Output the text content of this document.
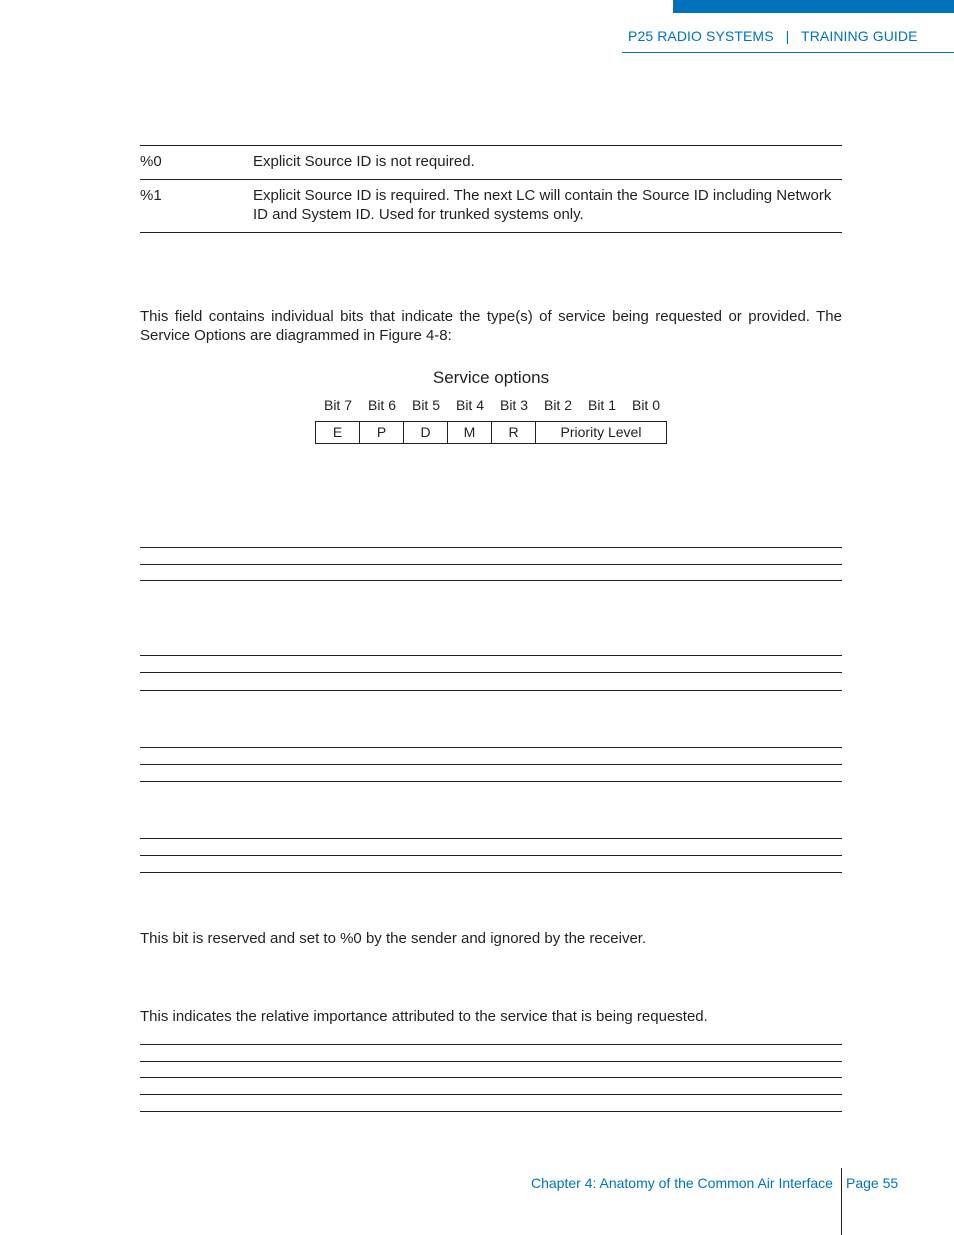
P25 RADIO SYSTEMS   |   TRAINING GUIDE
%0	Explicit Source ID is not required.
%1	Explicit Source ID is required. The next LC will contain the Source ID including Network ID and System ID. Used for trunked systems only.
This field contains individual bits that indicate the type(s) of service being requested or provided. The Service Options are diagrammed in Figure 4-8:
Service options
Bit 7	Bit 6	Bit 5	Bit 4	Bit 3	Bit 2	Bit 1	Bit 0
E	P	D	M	R	Priority Level
This bit is reserved and set to %0 by the sender and ignored by the receiver.
This indicates the relative importance attributed to the service that is being requested.
Chapter 4: Anatomy of the Common Air Interface Page 55
